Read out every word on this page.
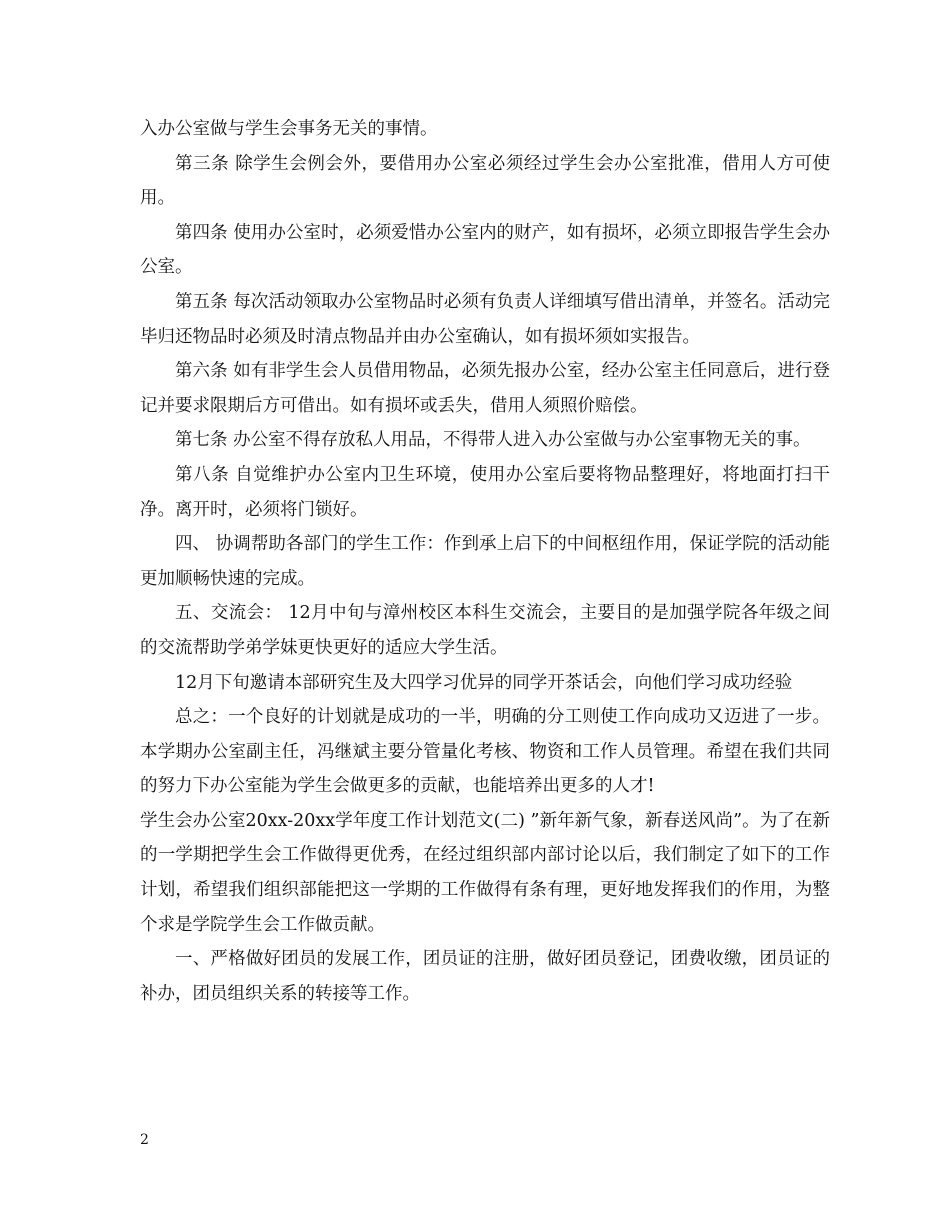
入办公室做与学生会事务无关的事情。

第三条 除学生会例会外，要借用办公室必须经过学生会办公室批准，借用人方可使用。

第四条 使用办公室时，必须爱惜办公室内的财产，如有损坏，必须立即报告学生会办公室。

第五条 每次活动领取办公室物品时必须有负责人详细填写借出清单，并签名。活动完毕归还物品时必须及时清点物品并由办公室确认，如有损坏须如实报告。

第六条 如有非学生会人员借用物品，必须先报办公室，经办公室主任同意后，进行登记并要求限期后方可借出。如有损坏或丢失，借用人须照价赔偿。

第七条 办公室不得存放私人用品，不得带人进入办公室做与办公室事物无关的事。

第八条 自觉维护办公室内卫生环境，使用办公室后要将物品整理好，将地面打扫干净。离开时，必须将门锁好。

四、 协调帮助各部门的学生工作：作到承上启下的中间枢纽作用，保证学院的活动能更加顺畅快速的完成。

五、交流会： 12月中旬与漳州校区本科生交流会，主要目的是加强学院各年级之间的交流帮助学弟学妹更快更好的适应大学生活。

12月下旬邀请本部研究生及大四学习优异的同学开茶话会，向他们学习成功经验

总之：一个良好的计划就是成功的一半，明确的分工则使工作向成功又迈进了一步。本学期办公室副主任，冯继斌主要分管量化考核、物资和工作人员管理。希望在我们共同的努力下办公室能为学生会做更多的贡献，也能培养出更多的人才!

学生会办公室20xx-20xx学年度工作计划范文(二) ”新年新气象，新春送风尚”。为了在新的一学期把学生会工作做得更优秀，在经过组织部内部讨论以后，我们制定了如下的工作计划，希望我们组织部能把这一学期的工作做得有条有理，更好地发挥我们的作用，为整个求是学院学生会工作做贡献。

一、严格做好团员的发展工作，团员证的注册，做好团员登记，团费收缴，团员证的补办，团员组织关系的转接等工作。

2
